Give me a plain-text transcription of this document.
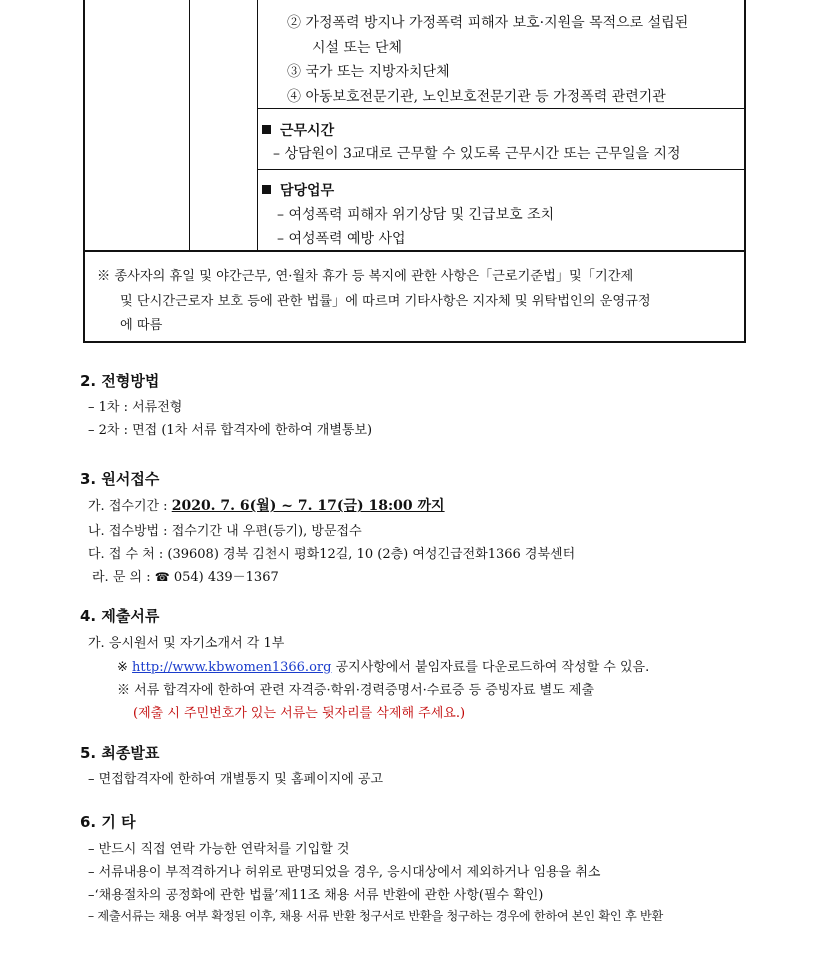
② 가정폭력 방지나 가정폭력 피해자 보호·지원을 목적으로 설립된
시설 또는 단체
③ 국가 또는 지방자치단체
④ 아동보호전문기관, 노인보호전문기관 등 가정폭력 관련기관
근무시간
– 상담원이 3교대로 근무할 수 있도록 근무시간 또는 근무일을 지정
담당업무
– 여성폭력 피해자 위기상담 및 긴급보호 조치
– 여성폭력 예방 사업
※ 종사자의 휴일 및 야간근무, 연·월차 휴가 등 복지에 관한 사항은「근로기준법」및「기간제
및 단시간근로자 보호 등에 관한 법률」에 따르며 기타사항은 지자체 및 위탁법인의 운영규정
에 따름
2. 전형방법
– 1차 : 서류전형
– 2차 : 면접 (1차 서류 합격자에 한하여 개별통보)
3. 원서접수
가. 접수기간 : 2020. 7. 6(월) ~ 7. 17(금) 18:00 까지
나. 접수방법 : 접수기간 내 우편(등기), 방문접수
다. 접 수 처 : (39608) 경북 김천시 평화12길, 10 (2층) 여성긴급전화1366 경북센터
라. 문 의 : ☎ 054) 439－1367
4. 제출서류
가. 응시원서 및 자기소개서 각 1부
※ http://www.kbwomen1366.org 공지사항에서 붙임자료를 다운로드하여 작성할 수 있음.
※ 서류 합격자에 한하여 관련 자격증·학위·경력증명서·수료증 등 증빙자료 별도 제출
(제출 시 주민번호가 있는 서류는 뒷자리를 삭제해 주세요.)
5. 최종발표
– 면접합격자에 한하여 개별통지 및 홈페이지에 공고
6. 기 타
– 반드시 직접 연락 가능한 연락처를 기입할 것
– 서류내용이 부적격하거나 허위로 판명되었을 경우, 응시대상에서 제외하거나 임용을 취소
–‘채용절차의 공정화에 관한 법률’제11조 채용 서류 반환에 관한 사항(필수 확인)
– 제출서류는 채용 여부 확정된 이후, 채용 서류 반환 청구서로 반환을 청구하는 경우에 한하여 본인 확인 후 반환
